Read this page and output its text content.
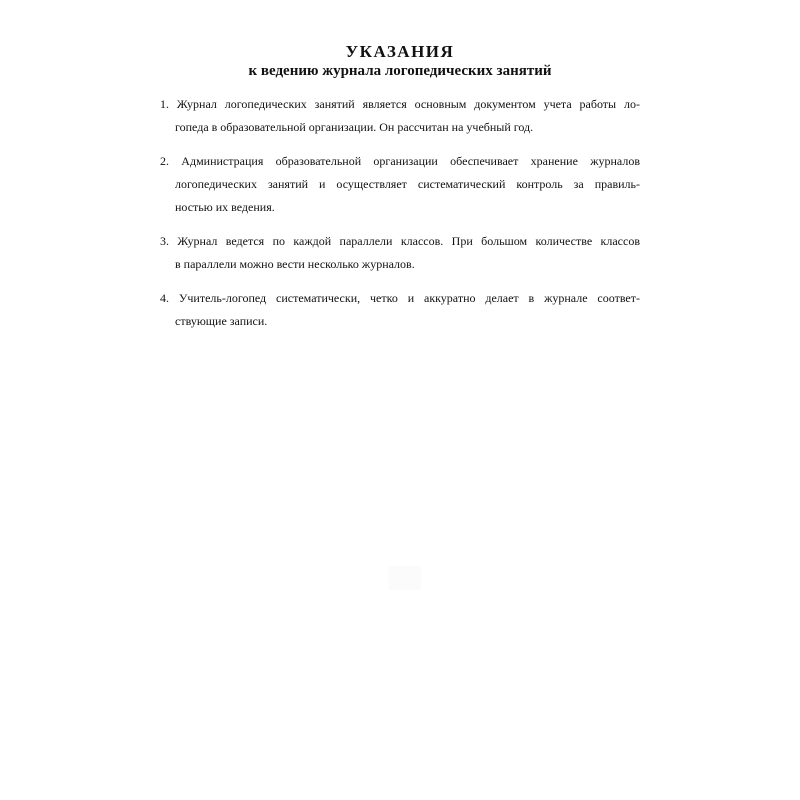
УКАЗАНИЯ
к ведению журнала логопедических занятий
1. Журнал логопедических занятий является основным документом учета работы ло-
гопеда в образовательной организации. Он рассчитан на учебный год.
2. Администрация образовательной организации обеспечивает хранение журналов
логопедических занятий и осуществляет систематический контроль за правиль-
ностью их ведения.
3. Журнал ведется по каждой параллели классов. При большом количестве классов
в параллели можно вести несколько журналов.
4. Учитель-логопед систематически, четко и аккуратно делает в журнале соответ-
ствующие записи.
